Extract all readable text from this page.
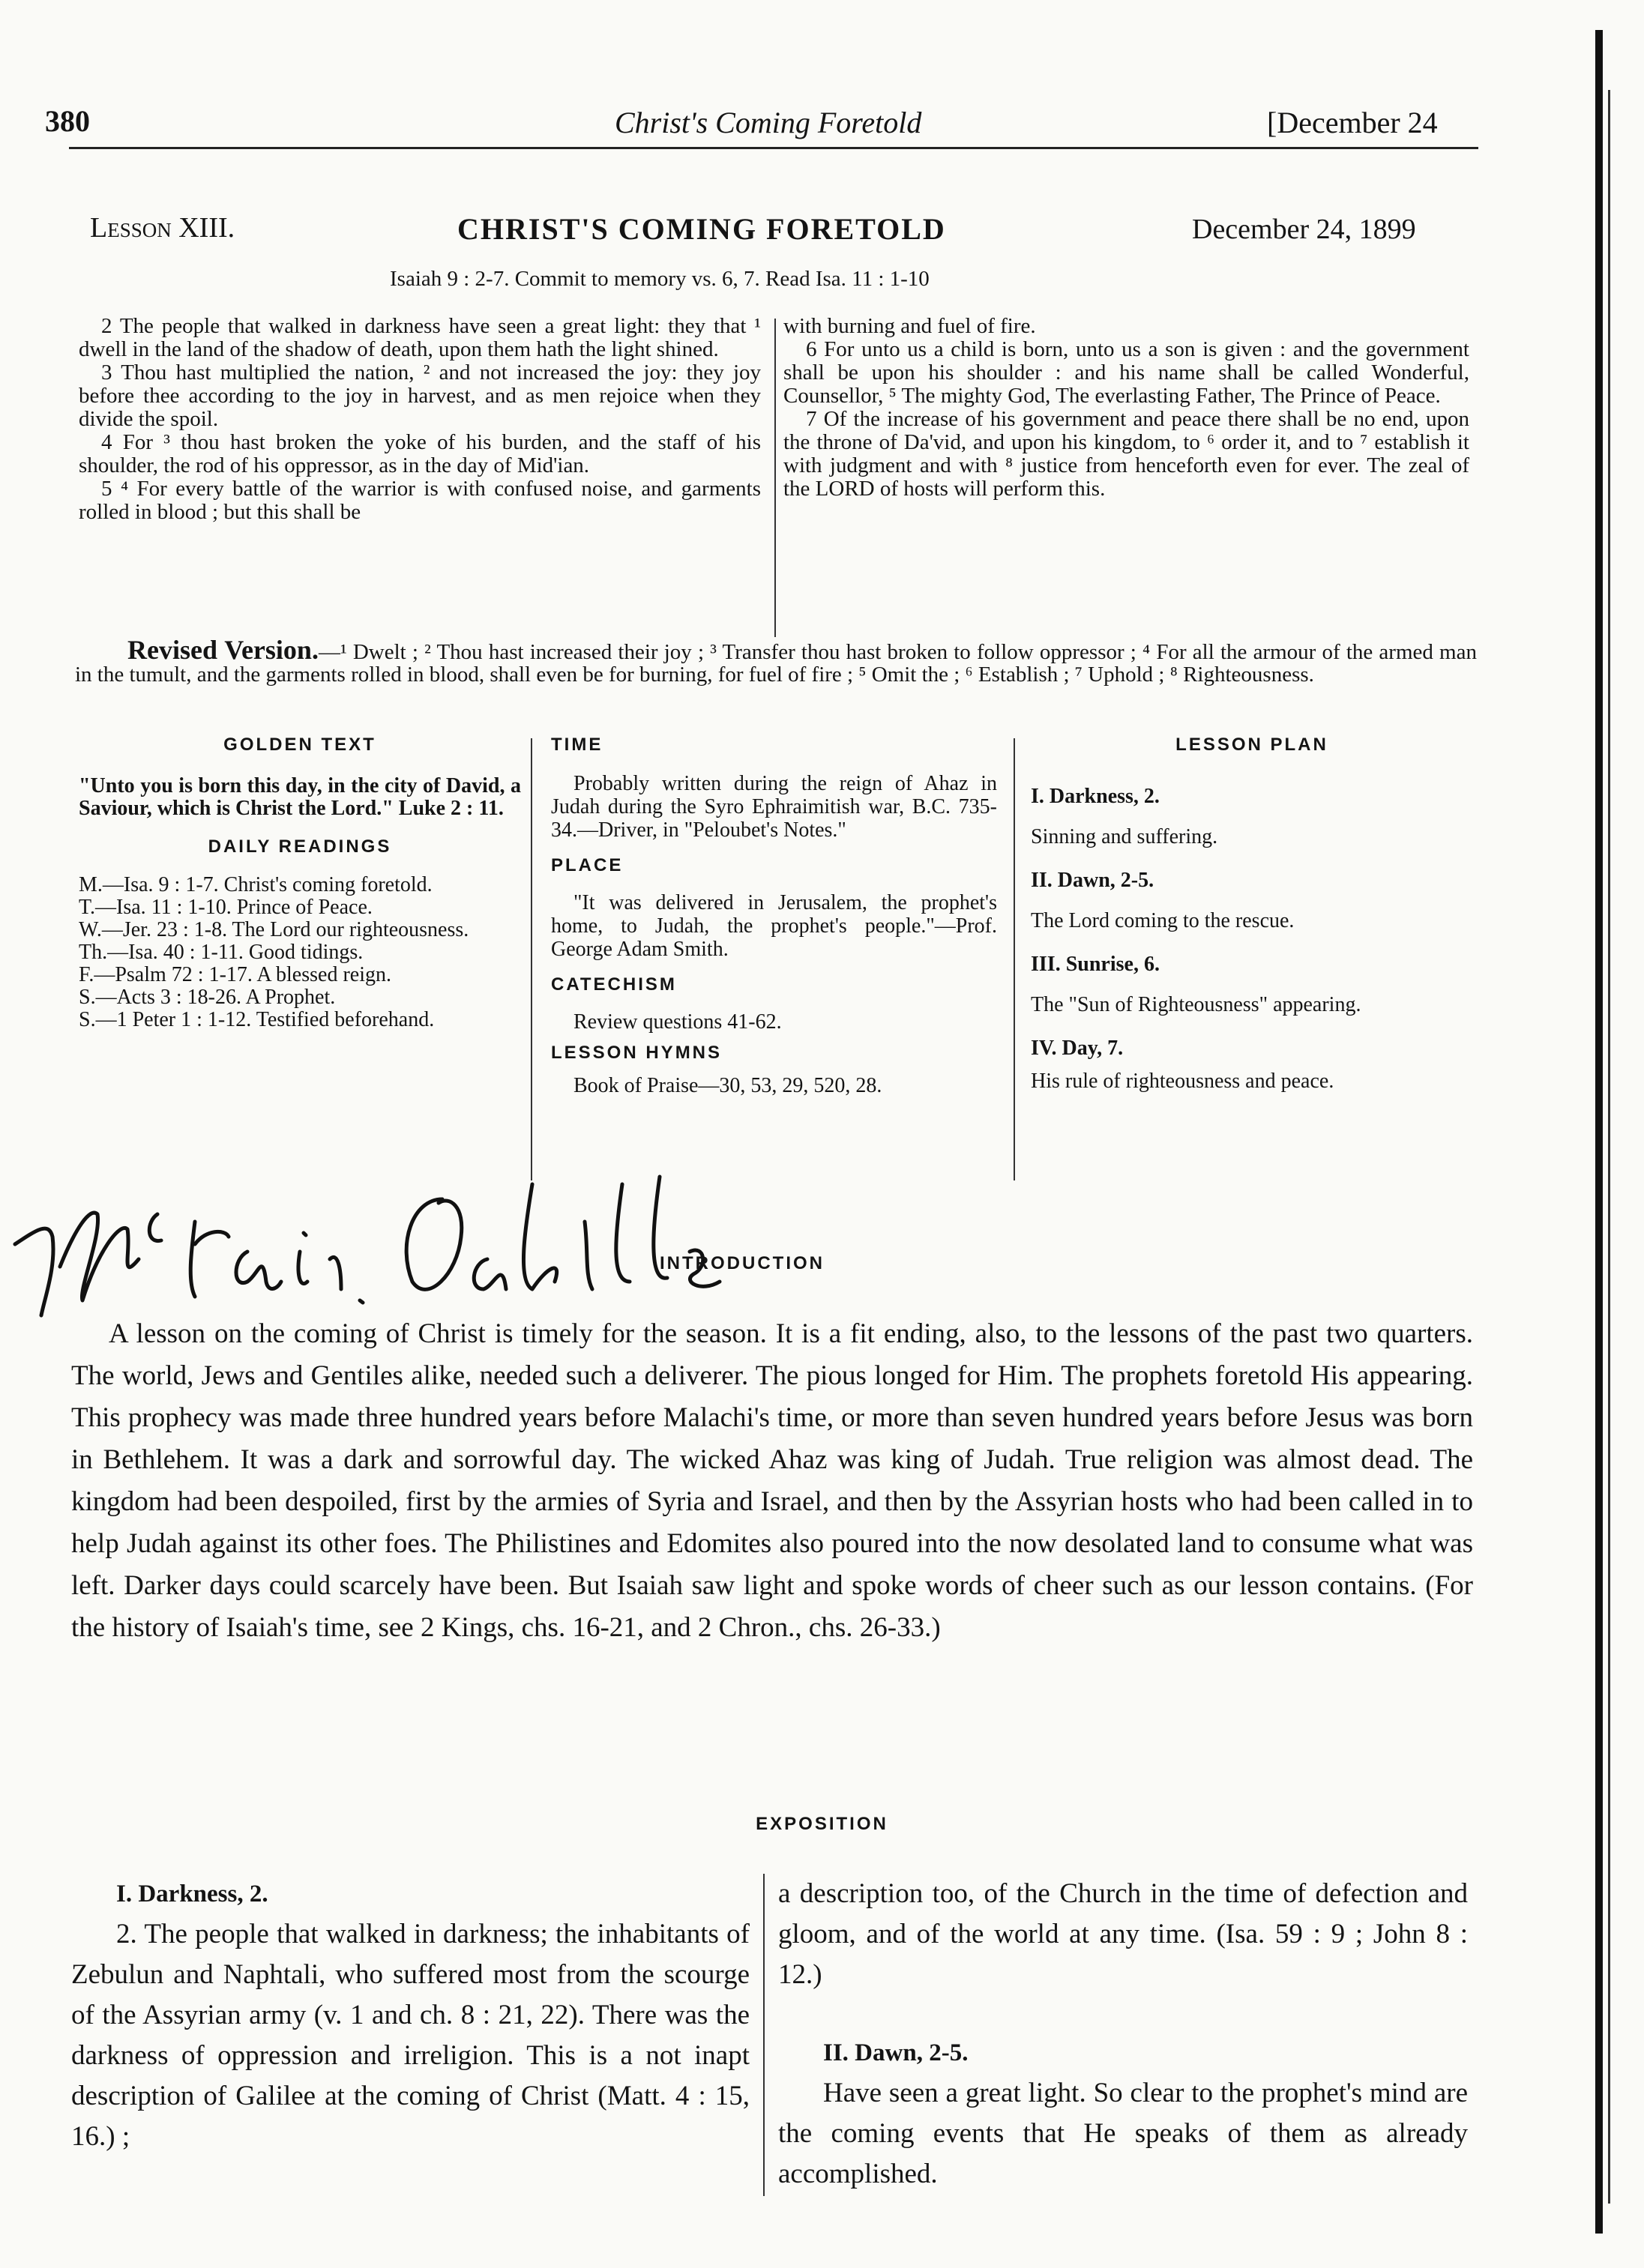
380	Christ's Coming Foretold	[December 24
Lesson XIII.	CHRIST'S COMING FORETOLD	December 24, 1899
Isaiah 9 : 2-7. Commit to memory vs. 6, 7. Read Isa. 11 : 1-10

2 The people that walked in darkness have seen a great light: they that ¹ dwell in the land of the shadow of death, upon them hath the light shined.

3 Thou hast multiplied the nation, ² and not increased the joy: they joy before thee according to the joy in harvest, and as men rejoice when they divide the spoil.

4 For ³ thou hast broken the yoke of his burden, and the staff of his shoulder, the rod of his oppressor, as in the day of Mid'ian.

5 ⁴ For every battle of the warrior is with confused noise, and garments rolled in blood ; but this shall be

with burning and fuel of fire.

6 For unto us a child is born, unto us a son is given : and the government shall be upon his shoulder : and his name shall be called Wonderful, Counsellor, ⁵ The mighty God, The everlasting Father, The Prince of Peace.

7 Of the increase of his government and peace there shall be no end, upon the throne of Da'vid, and upon his kingdom, to ⁶ order it, and to ⁷ establish it with judgment and with ⁸ justice from henceforth even for ever. The zeal of the LORD of hosts will perform this.

Revised Version.—¹ Dwelt ; ² Thou hast increased their joy ; ³ Transfer thou hast broken to follow oppressor ; ⁴ For all the armour of the armed man in the tumult, and the garments rolled in blood, shall even be for burning, for fuel of fire ; ⁵ Omit the ; ⁶ Establish ; ⁷ Uphold ; ⁸ Righteousness.
GOLDEN TEXT

"Unto you is born this day, in the city of David, a Saviour, which is Christ the Lord." Luke 2 : 11.

DAILY READINGS

M.—Isa. 9 : 1-7. Christ's coming foretold.

T.—Isa. 11 : 1-10. Prince of Peace.

W.—Jer. 23 : 1-8. The Lord our righteousness.

Th.—Isa. 40 : 1-11. Good tidings.

F.—Psalm 72 : 1-17. A blessed reign.

S.—Acts 3 : 18-26. A Prophet.

S.—1 Peter 1 : 1-12. Testified beforehand.

TIME

Probably written during the reign of Ahaz in Judah during the Syro Ephraimitish war, B.C. 735-34.—Driver, in "Peloubet's Notes."

PLACE

"It was delivered in Jerusalem, the prophet's home, to Judah, the prophet's people."—Prof. George Adam Smith.

CATECHISM

Review questions 41-62.

LESSON HYMNS

Book of Praise—30, 53, 29, 520, 28.

LESSON PLAN

I. Darkness, 2.

Sinning and suffering.

II. Dawn, 2-5.

The Lord coming to the rescue.

III. Sunrise, 6.

The "Sun of Righteousness" appearing.

IV. Day, 7.

His rule of righteousness and peace.

INTRODUCTION

A lesson on the coming of Christ is timely for the season. It is a fit ending, also, to the lessons of the past two quarters. The world, Jews and Gentiles alike, needed such a deliverer. The pious longed for Him. The prophets foretold His appearing. This prophecy was made three hundred years before Malachi's time, or more than seven hundred years before Jesus was born in Bethlehem. It was a dark and sorrowful day. The wicked Ahaz was king of Judah. True religion was almost dead. The kingdom had been despoiled, first by the armies of Syria and Israel, and then by the Assyrian hosts who had been called in to help Judah against its other foes. The Philistines and Edomites also poured into the now desolated land to consume what was left. Darker days could scarcely have been. But Isaiah saw light and spoke words of cheer such as our lesson contains. (For the history of Isaiah's time, see 2 Kings, chs. 16-21, and 2 Chron., chs. 26-33.)

EXPOSITION

I. Darkness, 2.

2. The people that walked in darkness; the inhabitants of Zebulun and Naphtali, who suffered most from the scourge of the Assyrian army (v. 1 and ch. 8 : 21, 22). There was the darkness of oppression and irreligion. This is a not inapt description of Galilee at the coming of Christ (Matt. 4 : 15, 16.) ;

a description too, of the Church in the time of defection and gloom, and of the world at any time. (Isa. 59 : 9 ; John 8 : 12.)

II. Dawn, 2-5.

Have seen a great light. So clear to the prophet's mind are the coming events that He speaks of them as already accomplished.
